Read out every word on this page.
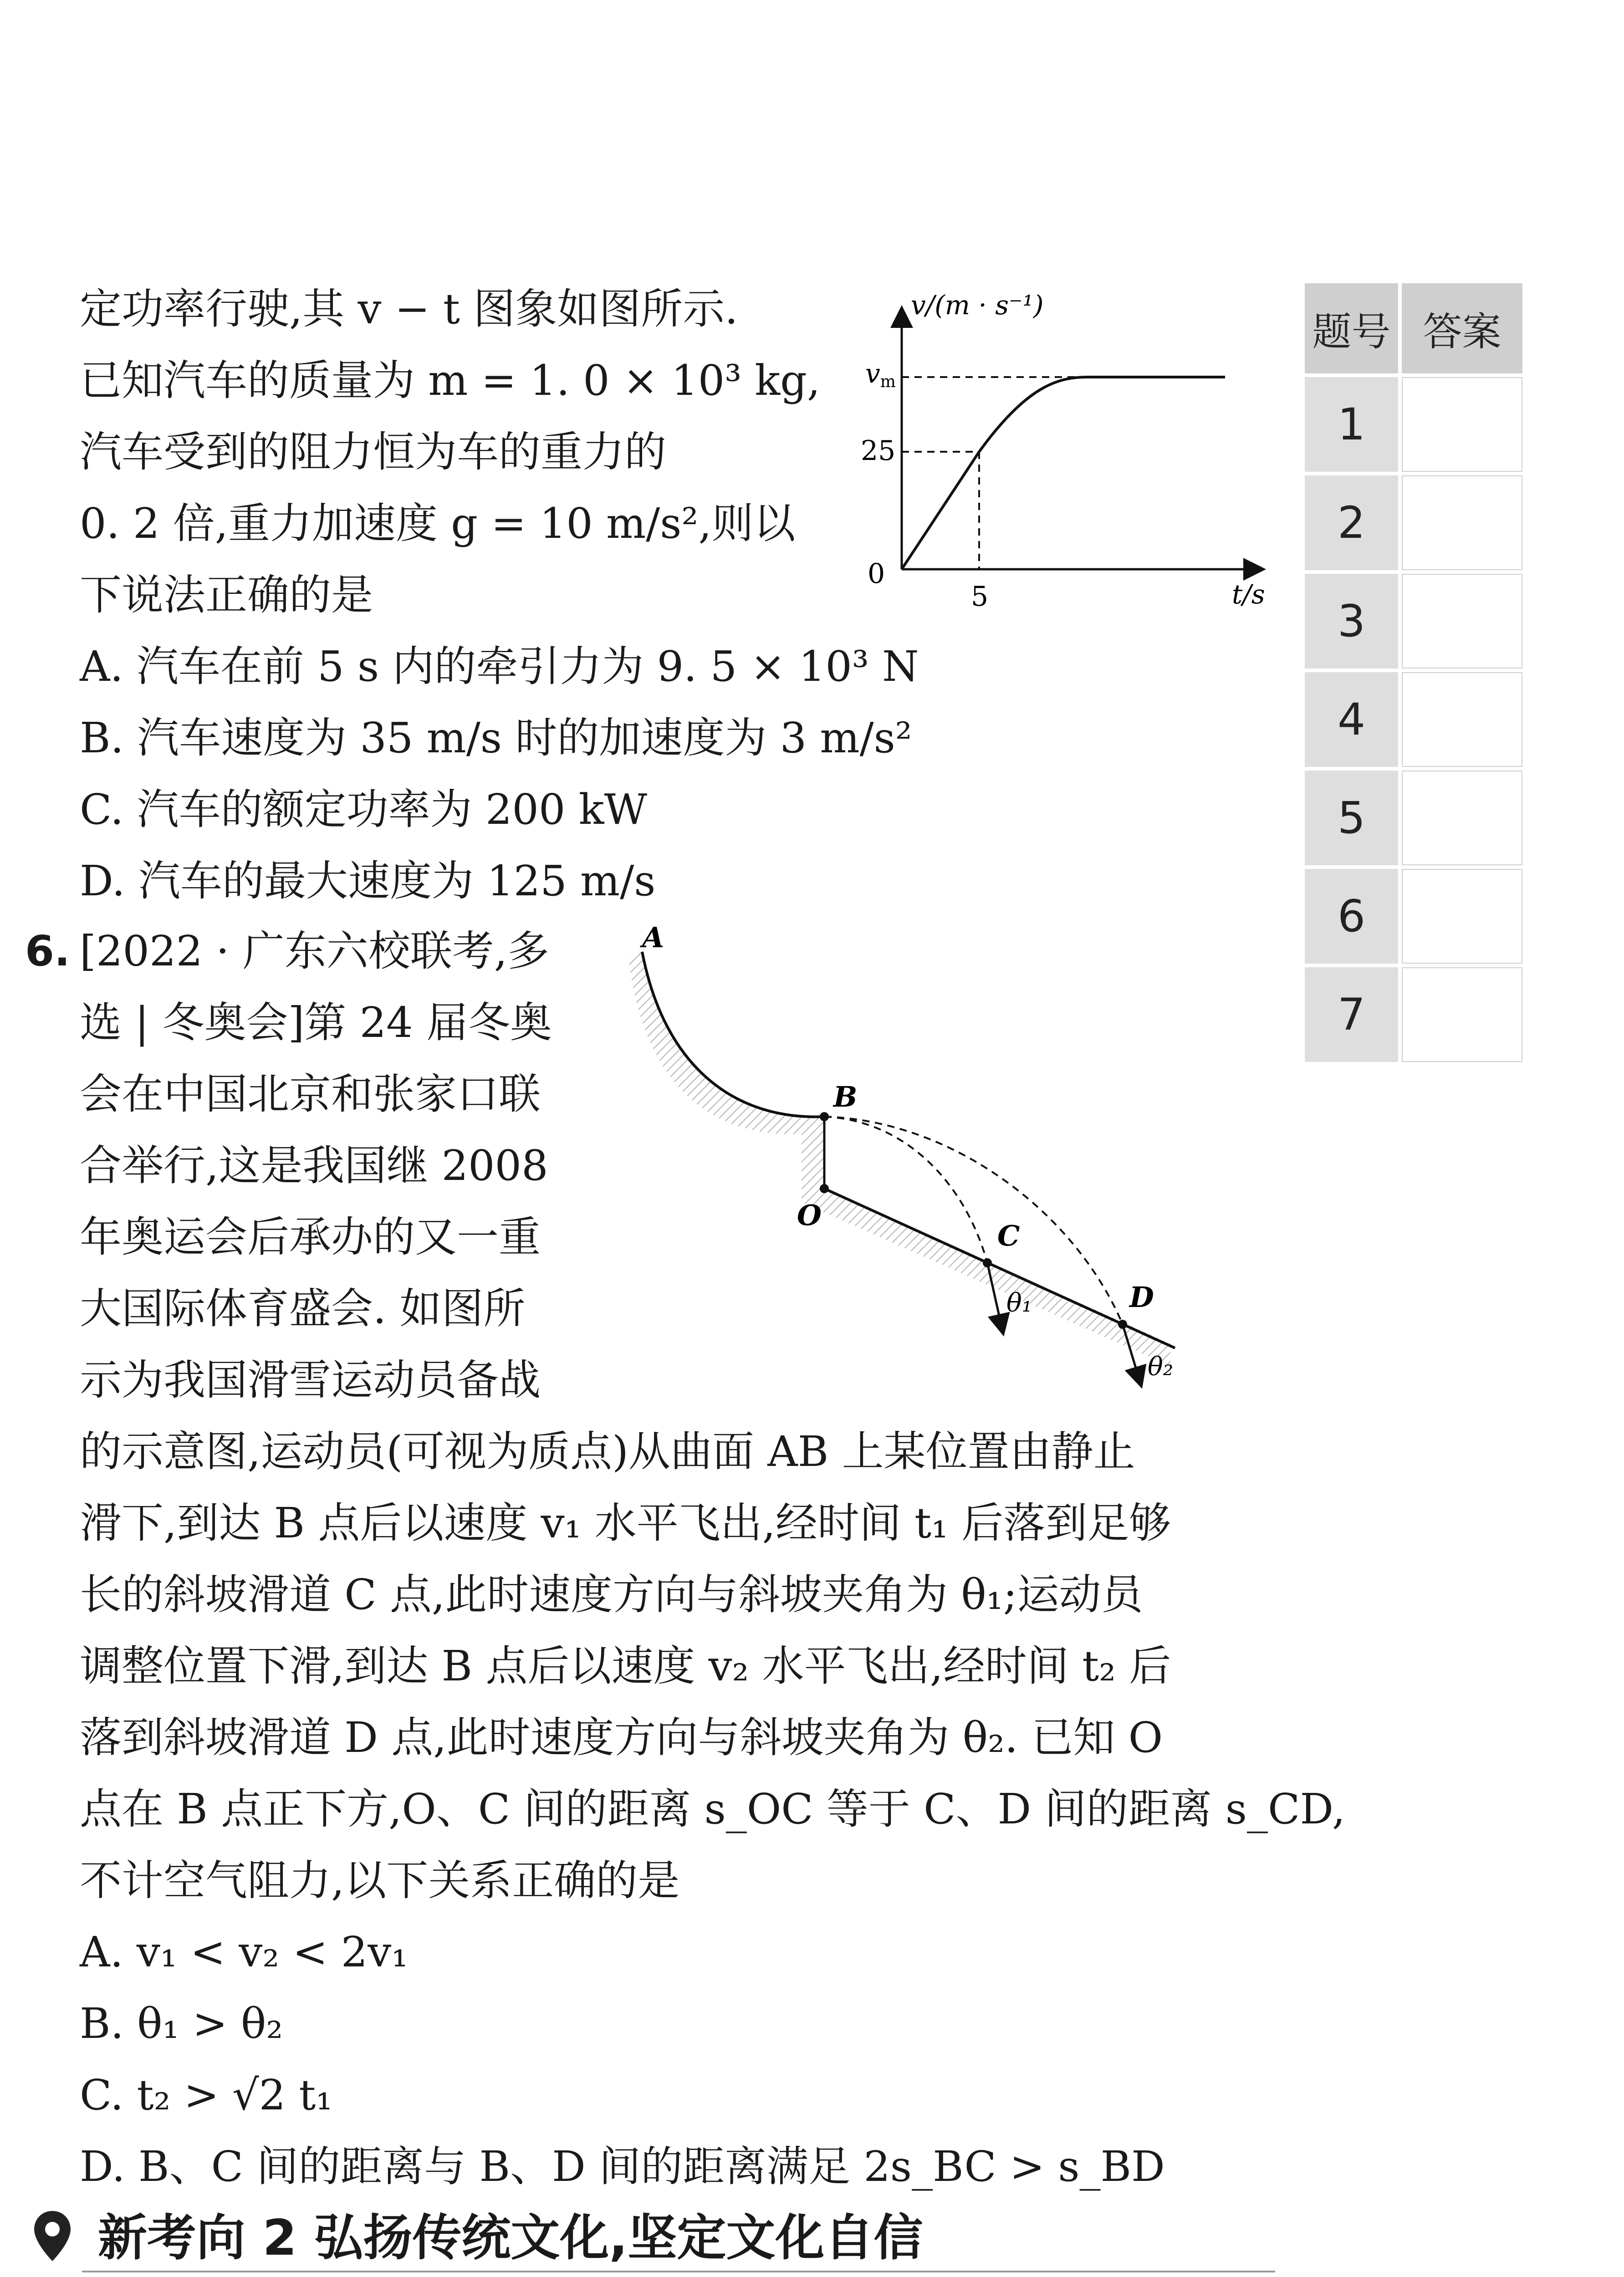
定功率行驶,其 v − t 图象如图所示.
已知汽车的质量为 m = 1. 0 × 10³ kg,
汽车受到的阻力恒为车的重力的
0. 2 倍,重力加速度 g = 10 m/s²,则以
下说法正确的是
A. 汽车在前 5 s 内的牵引力为 9. 5 × 10³ N
B. 汽车速度为 35 m/s 时的加速度为 3 m/s²
C. 汽车的额定功率为 200 kW
D. 汽车的最大速度为 125 m/s
v/(m · s⁻¹)
vm
25
0
5	t/s
6. [2022 · 广东六校联考,多
选 | 冬奥会]第 24 届冬奥
会在中国北京和张家口联
合举行,这是我国继 2008
年奥运会后承办的又一重
大国际体育盛会. 如图所
示为我国滑雪运动员备战
的示意图,运动员(可视为质点)从曲面 AB 上某位置由静止
滑下,到达 B 点后以速度 v₁ 水平飞出,经时间 t₁ 后落到足够
长的斜坡滑道 C 点,此时速度方向与斜坡夹角为 θ₁;运动员
调整位置下滑,到达 B 点后以速度 v₂ 水平飞出,经时间 t₂ 后
落到斜坡滑道 D 点,此时速度方向与斜坡夹角为 θ₂. 已知 O
点在 B 点正下方,O、C 间的距离 s_OC 等于 C、D 间的距离 s_CD,
不计空气阻力,以下关系正确的是
A. v₁ < v₂ < 2v₁
B. θ₁ > θ₂
C. t₂ > √2 t₁
D. B、C 间的距离与 B、D 间的距离满足 2s_BC > s_BD
A
B
O
C
D
θ₁
θ₂
新考向 2 弘扬传统文化,坚定文化自信
题号 答案
1
2
3
4
5
6
7
